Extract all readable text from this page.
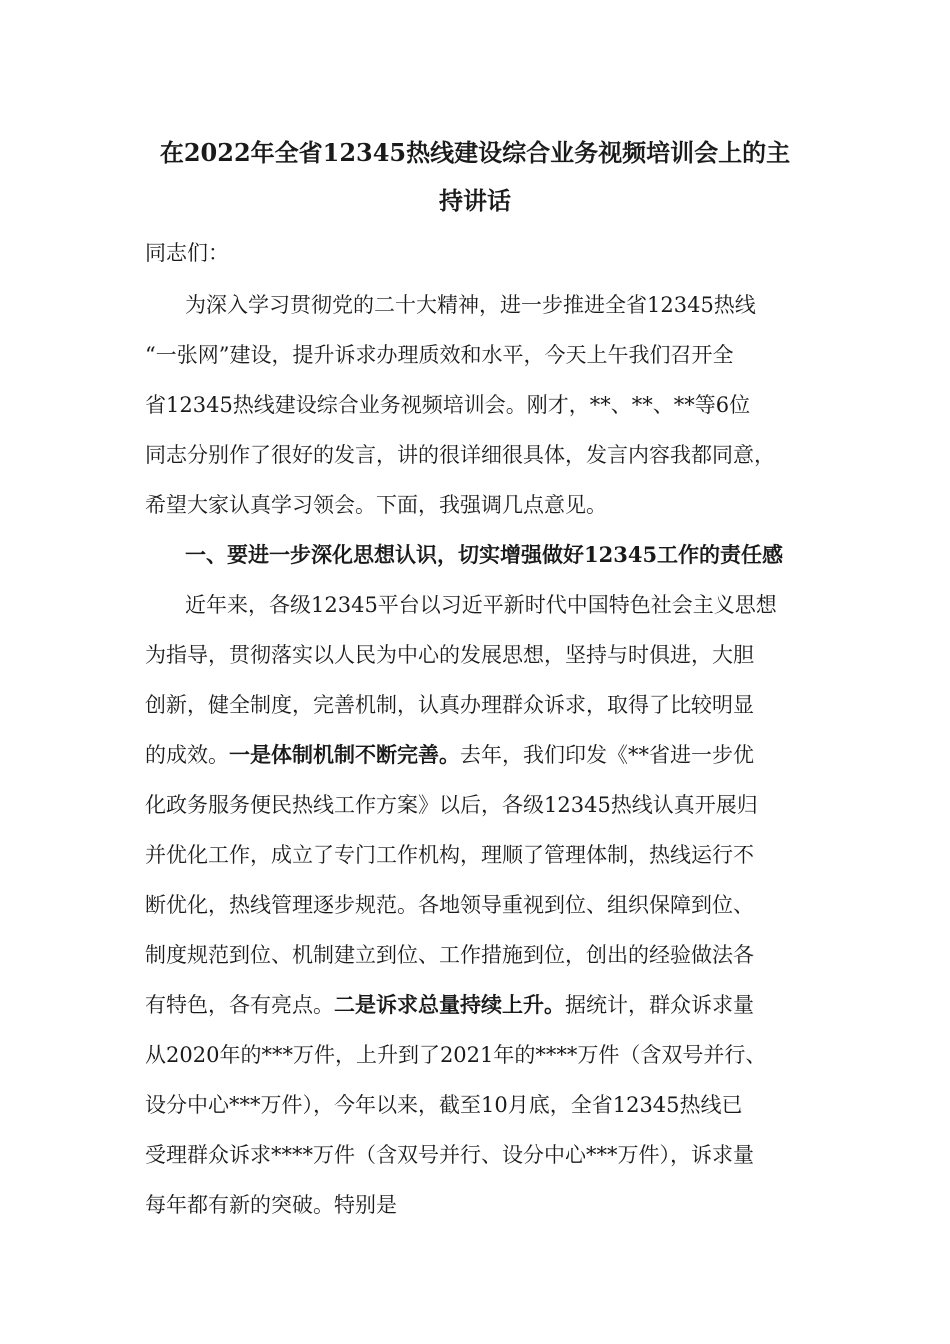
在2022年全省12345热线建设综合业务视频培训会上的主
持讲话
同志们：
为深入学习贯彻党的二十大精神，进一步推进全省12345热线
“一张网”建设，提升诉求办理质效和水平，今天上午我们召开全
省12345热线建设综合业务视频培训会。刚才，**、**、**等6位
同志分别作了很好的发言，讲的很详细很具体，发言内容我都同意，
希望大家认真学习领会。下面，我强调几点意见。
一、要进一步深化思想认识，切实增强做好12345工作的责任感
近年来，各级12345平台以习近平新时代中国特色社会主义思想
为指导，贯彻落实以人民为中心的发展思想，坚持与时俱进，大胆
创新，健全制度，完善机制，认真办理群众诉求，取得了比较明显
的成效。一是体制机制不断完善。去年，我们印发《**省进一步优
化政务服务便民热线工作方案》以后，各级12345热线认真开展归
并优化工作，成立了专门工作机构，理顺了管理体制，热线运行不
断优化，热线管理逐步规范。各地领导重视到位、组织保障到位、
制度规范到位、机制建立到位、工作措施到位，创出的经验做法各
有特色，各有亮点。二是诉求总量持续上升。据统计，群众诉求量
从2020年的***万件，上升到了2021年的****万件（含双号并行、
设分中心***万件），今年以来，截至10月底，全省12345热线已
受理群众诉求****万件（含双号并行、设分中心***万件），诉求量
每年都有新的突破。特别是
